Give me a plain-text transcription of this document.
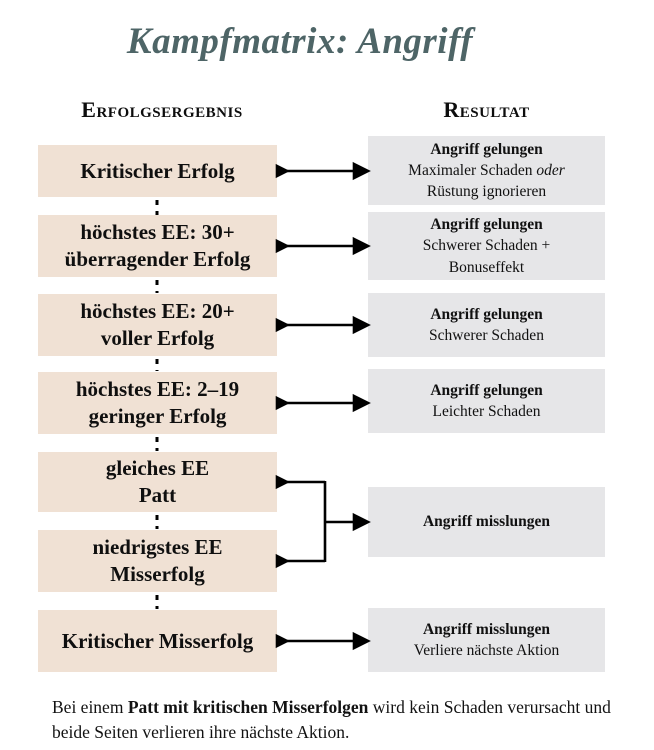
Kampfmatrix: Angriff
Erfolgsergebnis	Resultat
Kritischer Erfolg
höchstes EE: 30+
überragender Erfolg
höchstes EE: 20+
voller Erfolg
höchstes EE: 2–19
geringer Erfolg
gleiches EE
Patt
niedrigstes EE
Misserfolg
Kritischer Misserfolg
Angriff gelungen
Maximaler Schaden oder
Rüstung ignorieren
Angriff gelungen
Schwerer Schaden +
Bonuseffekt
Angriff gelungen
Schwerer Schaden
Angriff gelungen
Leichter Schaden
Angriff misslungen
Angriff misslungen
Verliere nächste Aktion

Bei einem Patt mit kritischen Misserfolgen wird kein Schaden verursacht und
beide Seiten verlieren ihre nächste Aktion.
